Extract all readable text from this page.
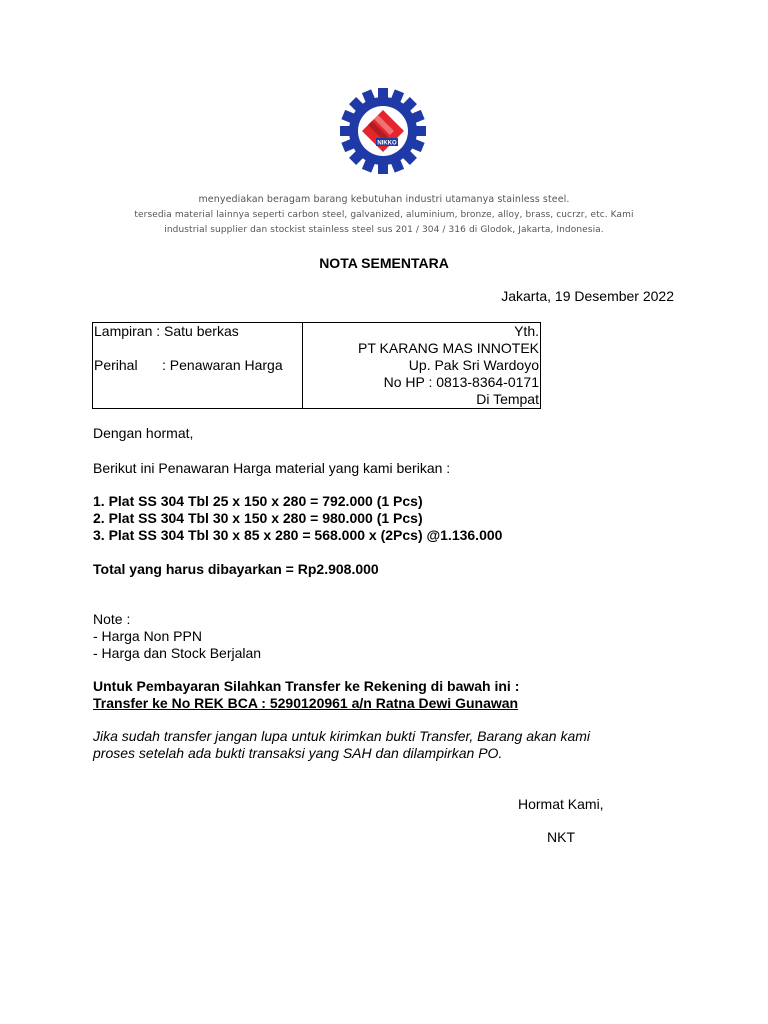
NIKKO
menyediakan beragam barang kebutuhan industri utamanya stainless steel.
tersedia material lainnya seperti carbon steel, galvanized, aluminium, bronze, alloy, brass, cucrzr, etc. Kami
industrial supplier dan stockist stainless steel sus 201 / 304 / 316 di Glodok, Jakarta, Indonesia.
NOTA SEMENTARA
Jakarta, 19 Desember 2022
Lampiran : Satu berkas
Perihal : Penawaran Harga
Yth.
PT KARANG MAS INNOTEK
Up. Pak Sri Wardoyo
No HP : 0813-8364-0171
Di Tempat
Dengan hormat,
Berikut ini Penawaran Harga material yang kami berikan :
1. Plat SS 304 Tbl 25 x 150 x 280 = 792.000 (1 Pcs)
2. Plat SS 304 Tbl 30 x 150 x 280 = 980.000 (1 Pcs)
3. Plat SS 304 Tbl 30 x 85 x 280 = 568.000 x (2Pcs) @1.136.000
Total yang harus dibayarkan = Rp2.908.000
Note :
- Harga Non PPN
- Harga dan Stock Berjalan
Untuk Pembayaran Silahkan Transfer ke Rekening di bawah ini :
Transfer ke No REK BCA : 5290120961 a/n Ratna Dewi Gunawan
Jika sudah transfer jangan lupa untuk kirimkan bukti Transfer, Barang akan kami
proses setelah ada bukti transaksi yang SAH dan dilampirkan PO.
Hormat Kami,
NKT
